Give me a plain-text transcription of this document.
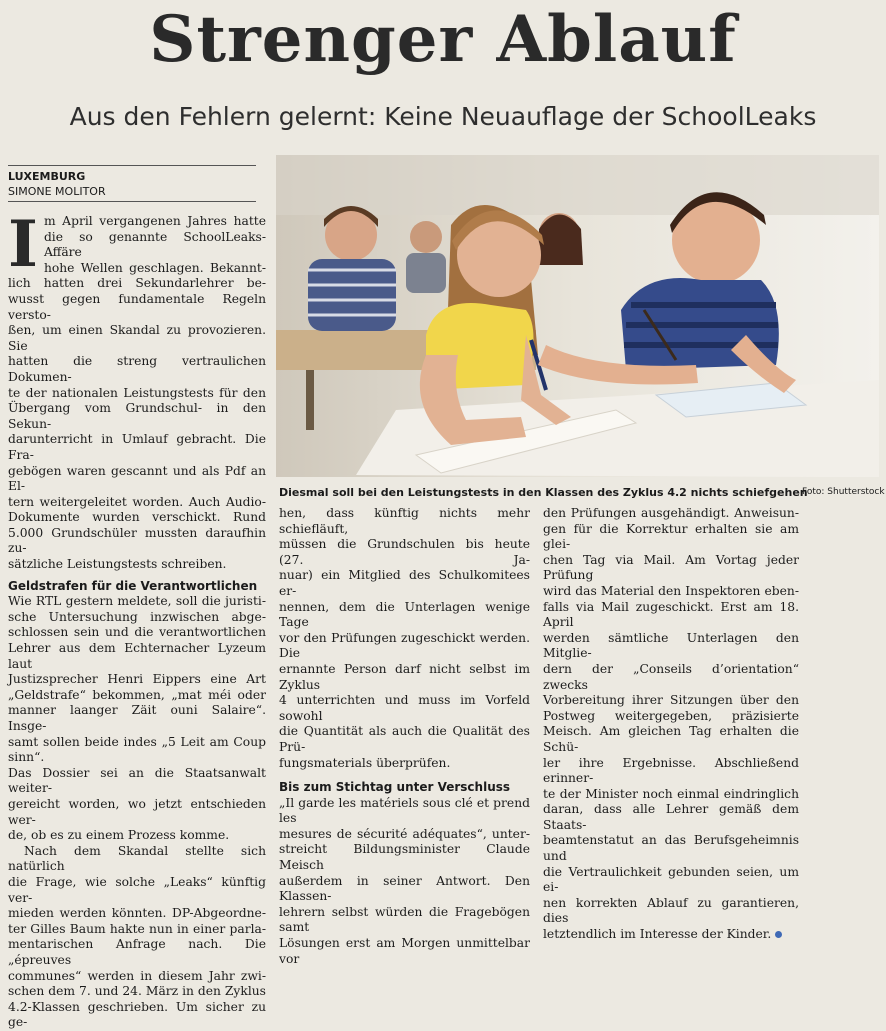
Strenger Ablauf
Aus den Fehlern gelernt: Keine Neuauflage der SchoolLeaks
LUXEMBURG
SIMONE MOLITOR
I m April vergangenen Jahres hatte
die so genannte SchoolLeaks-Affäre
hohe Wellen geschlagen. Bekannt-
lich hatten drei Sekundarlehrer be-
wusst gegen fundamentale Regeln versto-
ßen, um einen Skandal zu provozieren. Sie
hatten die streng vertraulichen Dokumen-
te der nationalen Leistungstests für den
Übergang vom Grundschul- in den Sekun-
darunterricht in Umlauf gebracht. Die Fra-
gebögen waren gescannt und als Pdf an El-
tern weitergeleitet worden. Auch Audio-
Dokumente wurden verschickt. Rund
5.000 Grundschüler mussten daraufhin zu-
sätzliche Leistungstests schreiben.

Geldstrafen für die Verantwortlichen

Wie RTL gestern meldete, soll die juristi-
sche Untersuchung inzwischen abge-
schlossen sein und die verantwortlichen
Lehrer aus dem Echternacher Lyzeum laut
Justizsprecher Henri Eippers eine Art
„Geldstrafe“ bekommen, „mat méi oder
manner laanger Zäit ouni Salaire“. Insge-
samt sollen beide indes „5 Leit am Coup sinn“.
Das Dossier sei an die Staatsanwalt weiter-
gereicht worden, wo jetzt entschieden wer-
de, ob es zu einem Prozess komme.
Nach dem Skandal stellte sich natürlich
die Frage, wie solche „Leaks“ künftig ver-
mieden werden könnten. DP-Abgeordne-
ter Gilles Baum hakte nun in einer parla-
mentarischen Anfrage nach. Die „épreuves
communes“ werden in diesem Jahr zwi-
schen dem 7. und 24. März in den Zyklus
4.2-Klassen geschrieben. Um sicher zu ge-
Diesmal soll bei den Leistungstests in den Klassen des Zyklus 4.2 nichts schiefgehen
Foto: Shutterstock
hen, dass künftig nichts mehr schiefläuft,
müssen die Grundschulen bis heute (27. Ja-
nuar) ein Mitglied des Schulkomitees er-
nennen, dem die Unterlagen wenige Tage
vor den Prüfungen zugeschickt werden. Die
ernannte Person darf nicht selbst im Zyklus
4 unterrichten und muss im Vorfeld sowohl
die Quantität als auch die Qualität des Prü-
fungsmaterials überprüfen.

Bis zum Stichtag unter Verschluss

„Il garde les matériels sous clé et prend les
mesures de sécurité adéquates“, unter-
streicht Bildungsminister Claude Meisch
außerdem in seiner Antwort. Den Klassen-
lehrern selbst würden die Fragebögen samt
Lösungen erst am Morgen unmittelbar vor
den Prüfungen ausgehändigt. Anweisun-
gen für die Korrektur erhalten sie am glei-
chen Tag via Mail. Am Vortag jeder Prüfung
wird das Material den Inspektoren eben-
falls via Mail zugeschickt. Erst am 18. April
werden sämtliche Unterlagen den Mitglie-
dern der „Conseils d’orientation“ zwecks
Vorbereitung ihrer Sitzungen über den
Postweg weitergegeben, präzisierte
Meisch. Am gleichen Tag erhalten die Schü-
ler ihre Ergebnisse. Abschließend erinner-
te der Minister noch einmal eindringlich
daran, dass alle Lehrer gemäß dem Staats-
beamtenstatut an das Berufsgeheimnis und
die Vertraulichkeit gebunden seien, um ei-
nen korrekten Ablauf zu garantieren, dies
letztendlich im Interesse der Kinder.
